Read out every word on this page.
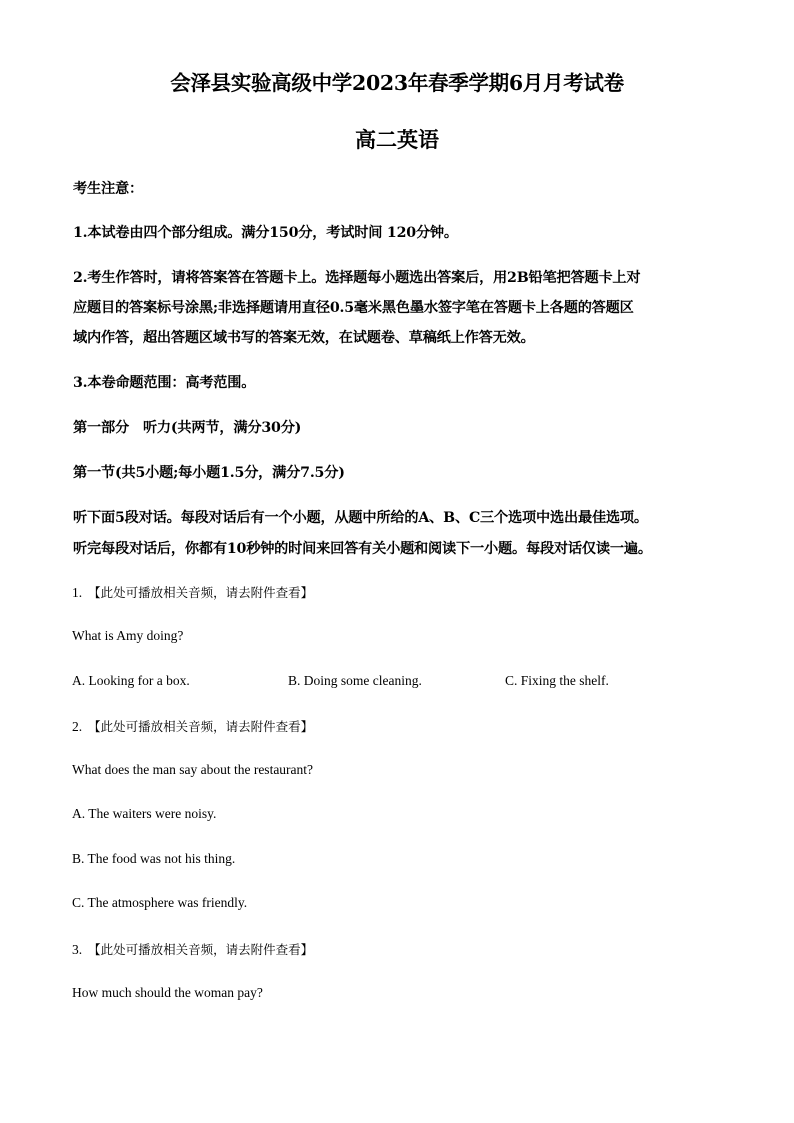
会泽县实验高级中学2023年春季学期6月月考试卷
高二英语
考生注意：
1.本试卷由四个部分组成。满分150分，考试时间 120分钟。
2.考生作答时，请将答案答在答题卡上。选择题每小题选出答案后，用2B铅笔把答题卡上对
应题目的答案标号涂黑;非选择题请用直径0.5毫米黑色墨水签字笔在答题卡上各题的答题区
域内作答，超出答题区域书写的答案无效，在试题卷、草稿纸上作答无效。
3.本卷命题范围：高考范围。
第一部分　听力(共两节，满分30分)
第一节(共5小题;每小题1.5分，满分7.5分)
听下面5段对话。每段对话后有一个小题，从题中所给的A、B、C三个选项中选出最佳选项。
听完每段对话后，你都有10秒钟的时间来回答有关小题和阅读下一小题。每段对话仅读一遍。
1. 【此处可播放相关音频，请去附件查看】
What is Amy doing?
A. Looking for a box.	B. Doing some cleaning.	C. Fixing the shelf.
2. 【此处可播放相关音频，请去附件查看】
What does the man say about the restaurant?
A. The waiters were noisy.
B. The food was not his thing.
C. The atmosphere was friendly.
3. 【此处可播放相关音频，请去附件查看】
How much should the woman pay?
